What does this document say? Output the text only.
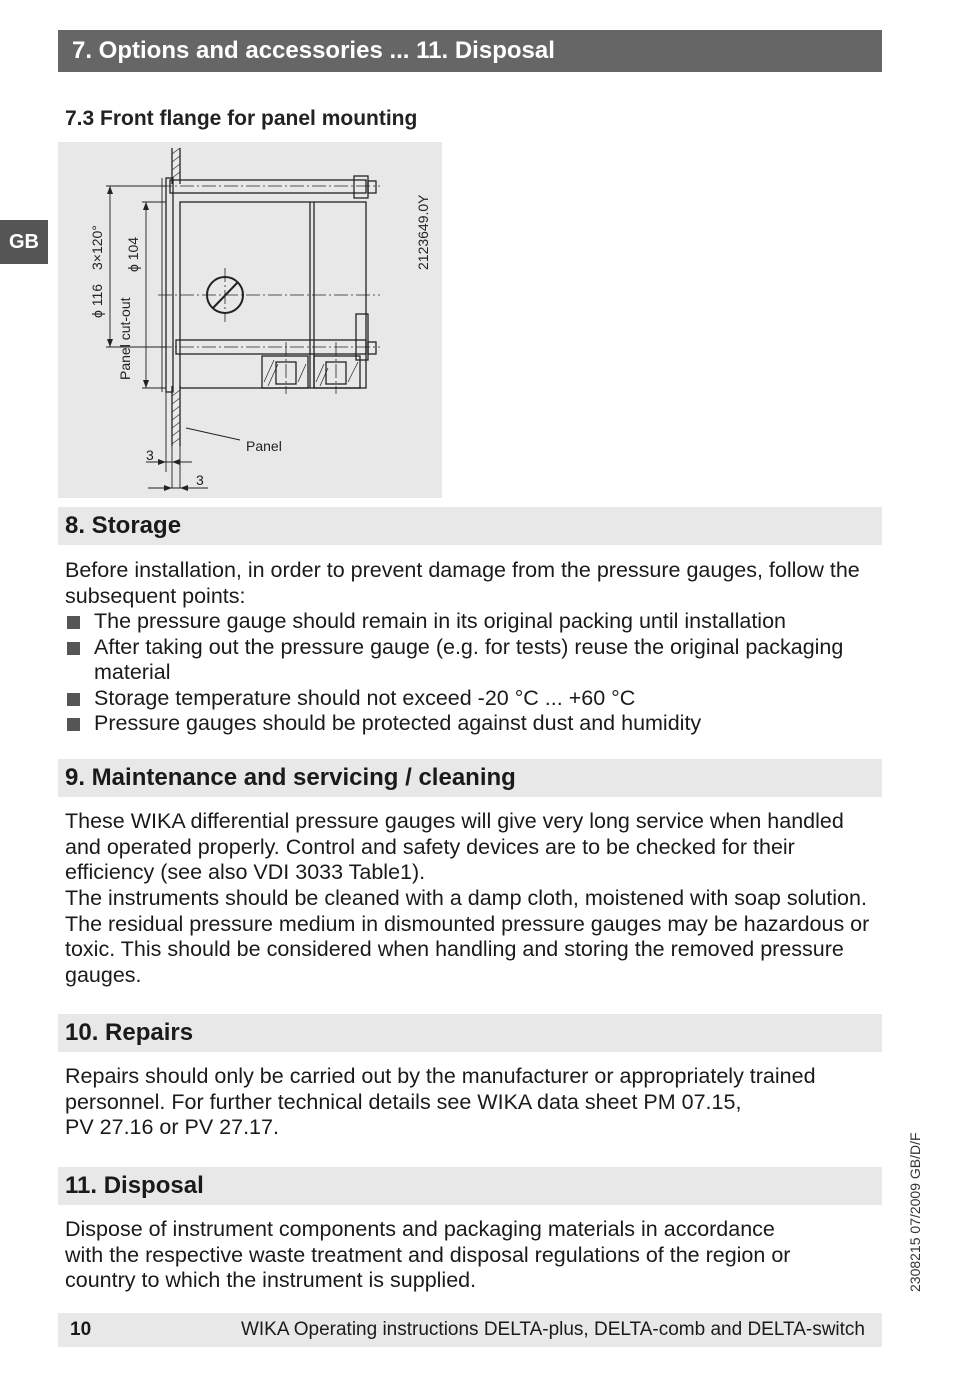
7. Options and accessories ... 11. Disposal
GB
7.3 Front flange for panel mounting
Panel
Panel cut-out
ϕ 116
3×120° ϕ 104
3
3
2123649.0Y
8. Storage

Before installation, in order to prevent damage from the pressure gauges, follow the subsequent points:

The pressure gauge should remain in its original packing until installation
After taking out the pressure gauge (e.g. for tests) reuse the original packaging material
Storage temperature should not exceed -20 °C ... +60 °C
Pressure gauges should be protected against dust and humidity
9. Maintenance and servicing / cleaning

These WIKA differential pressure gauges will give very long service when handled and operated properly. Control and safety devices are to be checked for their efficiency (see also VDI 3033 Table1).

The instruments should be cleaned with a damp cloth, moistened with soap solution. The residual pressure medium in dismounted pressure gauges may be hazardous or toxic. This should be considered when handling and storing the removed pressure gauges.

10. Repairs
Repairs should only be carried out by the manufacturer or appropriately trained
personnel. For further technical details see WIKA data sheet PM 07.15,
PV 27.16 or PV 27.17.
11. Disposal
Dispose of instrument components and packaging materials in accordance
with the respective waste treatment and disposal regulations of the region or
country to which the instrument is supplied.	2308215 07/2009 GB/D/F
10	WIKA Operating instructions DELTA-plus, DELTA-comb and DELTA-switch
